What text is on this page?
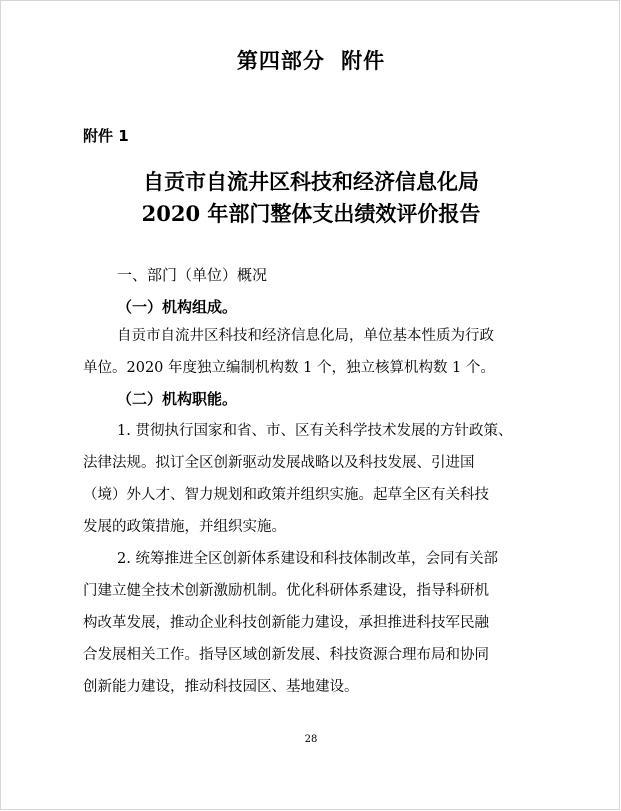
第四部分 附件
附件 1
自贡市自流井区科技和经济信息化局
2020 年部门整体支出绩效评价报告
一、部门（单位）概况
（一）机构组成。
自贡市自流井区科技和经济信息化局，单位基本性质为行政
单位。2020 年度独立编制机构数 1 个，独立核算机构数 1 个。
（二）机构职能。
1. 贯彻执行国家和省、市、区有关科学技术发展的方针政策、
法律法规。拟订全区创新驱动发展战略以及科技发展、引进国
（境）外人才、智力规划和政策并组织实施。起草全区有关科技
发展的政策措施，并组织实施。
2. 统筹推进全区创新体系建设和科技体制改革，会同有关部
门建立健全技术创新激励机制。优化科研体系建设，指导科研机
构改革发展，推动企业科技创新能力建设，承担推进科技军民融
合发展相关工作。指导区域创新发展、科技资源合理布局和协同
创新能力建设，推动科技园区、基地建设。
28
